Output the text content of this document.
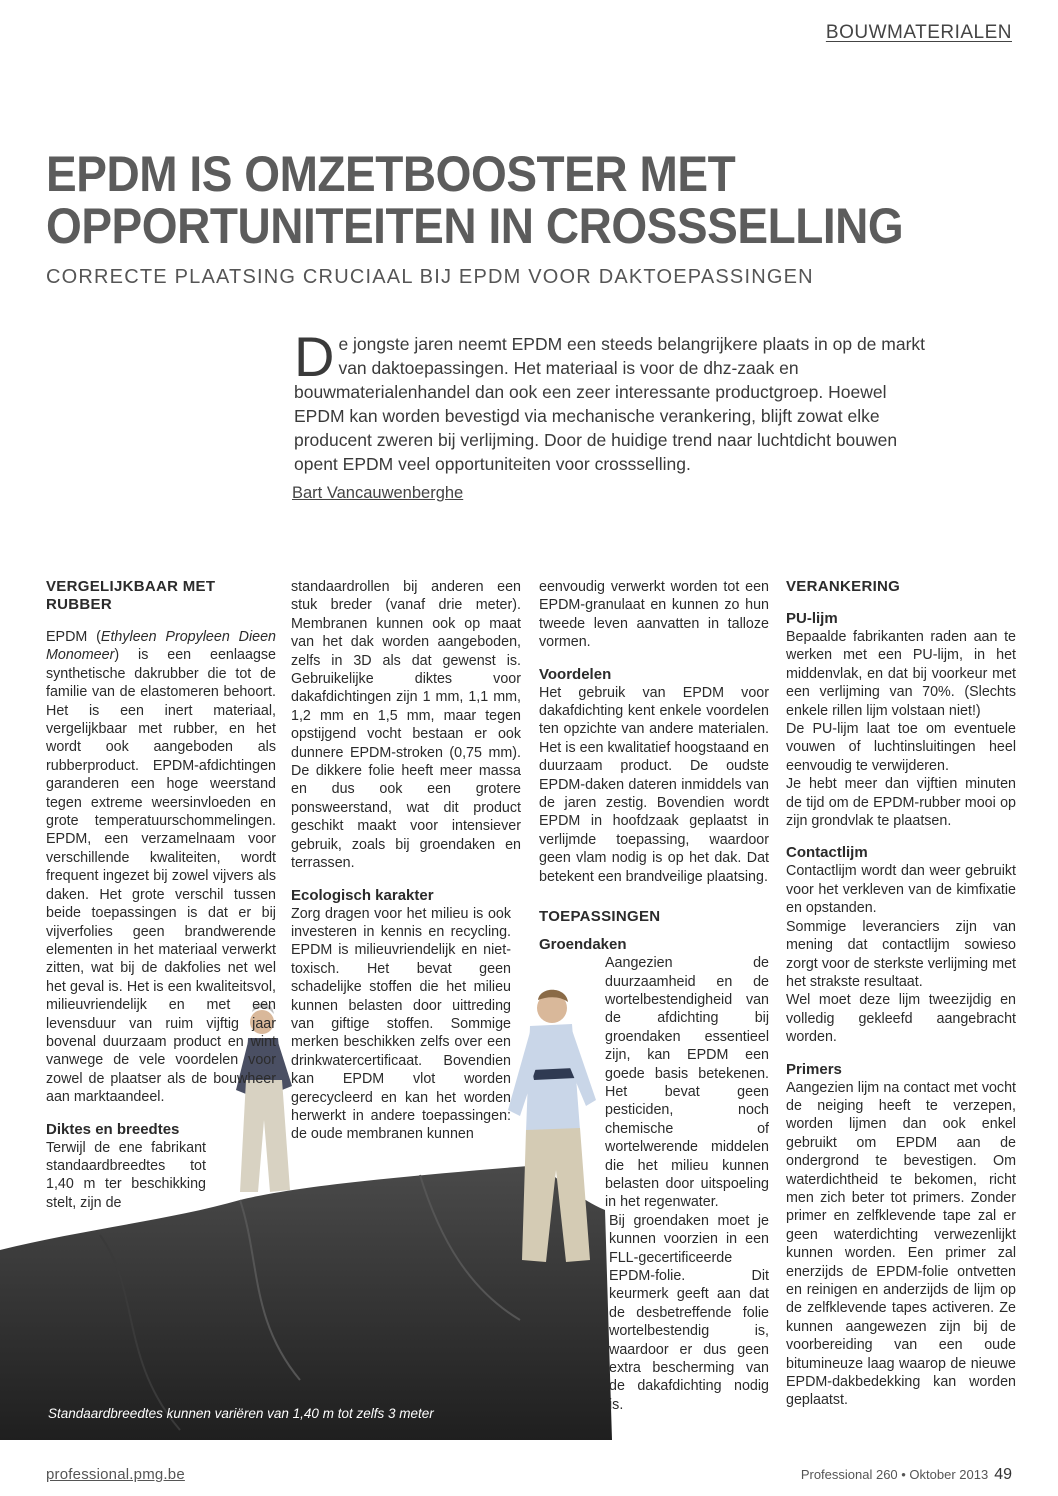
BOUWMATERIALEN
EPDM IS OMZETBOOSTER MET OPPORTUNITEITEN IN CROSSSELLING
CORRECTE PLAATSING CRUCIAAL BIJ EPDM VOOR DAKTOEPASSINGEN

De jongste jaren neemt EPDM een steeds belangrijkere plaats in op de markt van daktoepassingen. Het materiaal is voor de dhz-zaak en bouwmaterialenhandel dan ook een zeer interessante productgroep. Hoewel EPDM kan worden bevestigd via mechanische verankering, blijft zowat elke producent zweren bij verlijming. Door de huidige trend naar luchtdicht bouwen opent EPDM veel opportuniteiten voor crossselling.

Bart Vancauwenberghe
Standaardbreedtes kunnen variëren van 1,40 m tot zelfs 3 meter
VERGELIJKBAAR MET RUBBER

EPDM (Ethyleen Propyleen Dieen Monomeer) is een eenlaagse synthetische dakrubber die tot de familie van de elastomeren behoort. Het is een inert materiaal, vergelijkbaar met rubber, en het wordt ook aangeboden als rubberproduct. EPDM-afdichtingen garanderen een hoge weerstand tegen extreme weersinvloeden en grote temperatuurschommelingen. EPDM, een verzamelnaam voor verschillende kwaliteiten, wordt frequent ingezet bij zowel vijvers als daken. Het grote verschil tussen beide toepassingen is dat er bij vijverfolies geen brandwerende elementen in het materiaal verwerkt zitten, wat bij de dakfolies net wel het geval is. Het is een kwaliteitsvol, milieuvriendelijk en met een levensduur van ruim vijftig jaar bovenal duurzaam product en wint vanwege de vele voordelen voor zowel de plaatser als de bouwheer aan marktaandeel.

Diktes en breedtes

Terwijl de ene fabrikant standaardbreedtes tot 1,40 m ter beschikking stelt, zijn de

standaardrollen bij anderen een stuk breder (vanaf drie meter). Membranen kunnen ook op maat van het dak worden aangeboden, zelfs in 3D als dat gewenst is. Gebruikelijke diktes voor dakafdichtingen zijn 1 mm, 1,1 mm, 1,2 mm en 1,5 mm, maar tegen opstijgend vocht bestaan er ook dunnere EPDM-stroken (0,75 mm). De dikkere folie heeft meer massa en dus ook een grotere ponsweerstand, wat dit product geschikt maakt voor intensiever gebruik, zoals bij groendaken en terrassen.

Ecologisch karakter

Zorg dragen voor het milieu is ook investeren in kennis en recycling. EPDM is milieuvriendelijk en niet-toxisch. Het bevat geen schadelijke stoffen die het milieu kunnen belasten door uittreding van giftige stoffen. Sommige merken beschikken zelfs over een drinkwatercertificaat. Bovendien kan EPDM vlot worden gerecycleerd en kan het worden herwerkt in andere toepassingen: de oude membranen kunnen

eenvoudig verwerkt worden tot een EPDM-granulaat en kunnen zo hun tweede leven aanvatten in talloze vormen.

Voordelen

Het gebruik van EPDM voor dakafdichting kent enkele voordelen ten opzichte van andere materialen. Het is een kwalitatief hoogstaand en duurzaam product. De oudste EPDM-daken dateren inmiddels van de jaren zestig. Bovendien wordt EPDM in hoofdzaak geplaatst in verlijmde toepassing, waardoor geen vlam nodig is op het dak. Dat betekent een brandveilige plaatsing.

TOEPASSINGEN
Groendaken

Aangezien de duurzaamheid en de wortelbestendigheid van de afdichting bij groendaken essentieel zijn, kan EPDM een goede basis betekenen. Het bevat geen pesticiden, noch chemische of wortelwerende middelen die het milieu kunnen belasten door uitspoeling in het regenwater.

Bij groendaken moet je kunnen voorzien in een FLL-gecertificeerde EPDM-folie. Dit keurmerk geeft aan dat de desbetreffende folie wortelbestendig is, waardoor er dus geen extra bescherming van de dakafdichting nodig is.

VERANKERING
PU-lijm

Bepaalde fabrikanten raden aan te werken met een PU-lijm, in het middenvlak, en dat bij voorkeur met een verlijming van 70%. (Slechts enkele rillen lijm volstaan niet!)

De PU-lijm laat toe om eventuele vouwen of luchtinsluitingen heel eenvoudig te verwijderen.

Je hebt meer dan vijftien minuten de tijd om de EPDM-rubber mooi op zijn grondvlak te plaatsen.

Contactlijm

Contactlijm wordt dan weer gebruikt voor het verkleven van de kimfixatie en opstanden.

Sommige leveranciers zijn van mening dat contactlijm sowieso zorgt voor de sterkste verlijming met het strakste resultaat.

Wel moet deze lijm tweezijdig en volledig gekleefd aangebracht worden.

Primers

Aangezien lijm na contact met vocht de neiging heeft te verzepen, worden lijmen dan ook enkel gebruikt om EPDM aan de ondergrond te bevestigen. Om waterdichtheid te bekomen, richt men zich beter tot primers. Zonder primer en zelfklevende tape zal er geen waterdichting verwezenlijkt kunnen worden. Een primer zal enerzijds de EPDM-folie ontvetten en reinigen en anderzijds de lijm op de zelfklevende tapes activeren. Ze kunnen aangewezen zijn bij de voorbereiding van een oude bitumineuze laag waarop de nieuwe EPDM-dakbedekking kan worden geplaatst.

professional.pmg.be	Professional 260 • Oktober 2013 49
